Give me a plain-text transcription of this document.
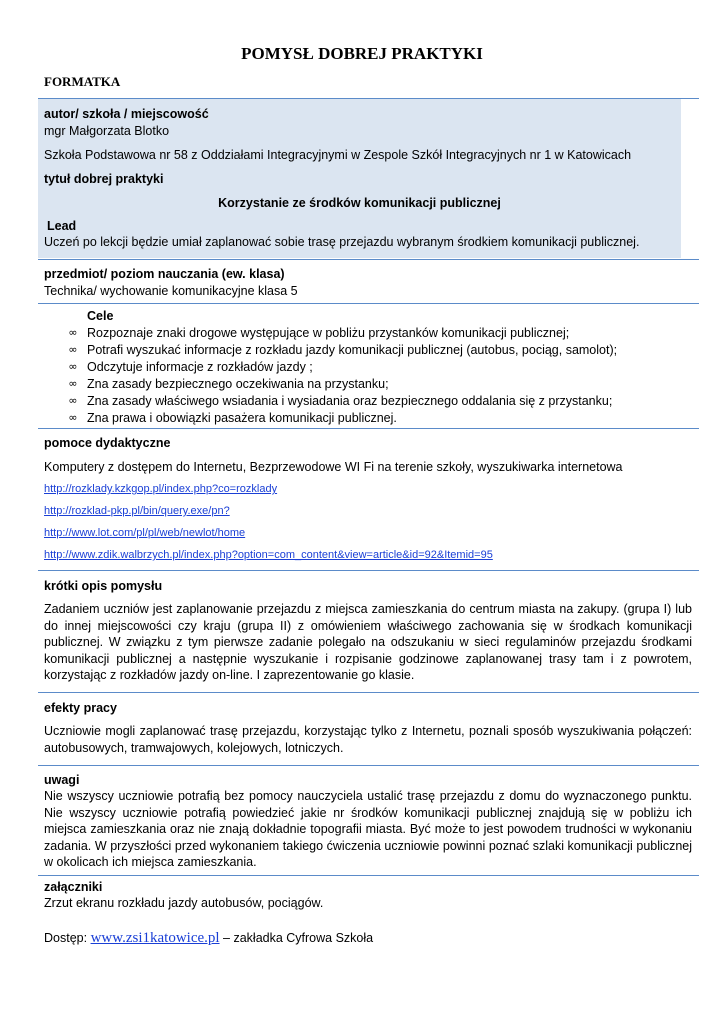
POMYSŁ DOBREJ PRAKTYKI
FORMATKA
autor/ szkoła / miejscowość
mgr Małgorzata Blotko
Szkoła Podstawowa nr 58 z Oddziałami Integracyjnymi w Zespole Szkół Integracyjnych nr 1 w Katowicach
tytuł dobrej praktyki
Korzystanie ze środków komunikacji publicznej
Lead
Uczeń po lekcji będzie umiał zaplanować sobie trasę przejazdu wybranym środkiem komunikacji publicznej.
przedmiot/ poziom nauczania (ew. klasa)
Technika/ wychowanie komunikacyjne klasa 5
Cele
∞ Rozpoznaje znaki drogowe występujące w pobliżu przystanków komunikacji publicznej;
∞ Potrafi wyszukać informacje z rozkładu jazdy komunikacji publicznej (autobus, pociąg, samolot);
∞ Odczytuje informacje z rozkładów jazdy ;
∞ Zna zasady bezpiecznego oczekiwania na przystanku;
∞ Zna zasady właściwego wsiadania i wysiadania oraz bezpiecznego oddalania się z przystanku;
∞ Zna prawa i obowiązki pasażera komunikacji publicznej.
pomoce dydaktyczne
Komputery z dostępem do Internetu, Bezprzewodowe WI Fi na terenie szkoły, wyszukiwarka internetowa
http://rozklady.kzkgop.pl/index.php?co=rozklady
http://rozklad-pkp.pl/bin/query.exe/pn?
http://www.lot.com/pl/pl/web/newlot/home
http://www.zdik.walbrzych.pl/index.php?option=com_content&view=article&id=92&Itemid=95
krótki opis pomysłu
Zadaniem uczniów jest zaplanowanie przejazdu z miejsca zamieszkania do centrum miasta na zakupy. (grupa I) lub do innej miejscowości czy kraju (grupa II) z omówieniem właściwego zachowania się w środkach komunikacji publicznej. W związku z tym pierwsze zadanie polegało na odszukaniu w sieci regulaminów przejazdu środkami komunikacji publicznej a następnie wyszukanie i rozpisanie godzinowe zaplanowanej trasy tam i z powrotem, korzystając z rozkładów jazdy on-line. I zaprezentowanie go klasie.
efekty pracy
Uczniowie mogli zaplanować trasę przejazdu, korzystając tylko z Internetu, poznali sposób wyszukiwania połączeń: autobusowych, tramwajowych, kolejowych, lotniczych.
uwagi
Nie wszyscy uczniowie potrafią bez pomocy nauczyciela ustalić trasę przejazdu z domu do wyznaczonego punktu. Nie wszyscy uczniowie potrafią powiedzieć jakie nr środków komunikacji publicznej znajdują się w pobliżu ich miejsca zamieszkania oraz nie znają dokładnie topografii miasta. Być może to jest powodem trudności w wykonaniu zadania. W przyszłości przed wykonaniem takiego ćwiczenia uczniowie powinni poznać szlaki komunikacji publicznej w okolicach ich miejsca zamieszkania.
załączniki
Zrzut ekranu rozkładu jazdy autobusów, pociągów.
Dostęp: www.zsi1katowice.pl – zakładka Cyfrowa Szkoła
